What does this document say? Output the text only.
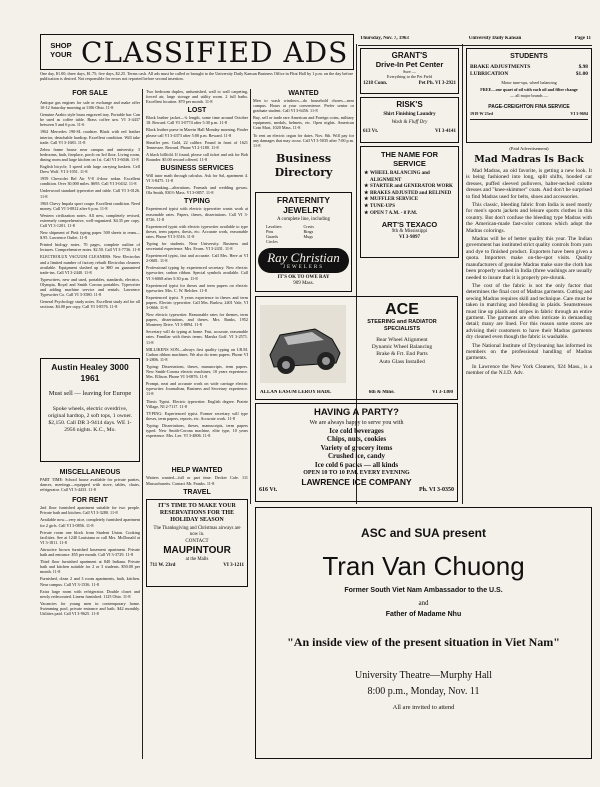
SHOP
YOUR CLASSIFIED ADS
One day, $1.00; three days, $1.75; five days, $2.25. Terms cash. All ads must be called or brought to the University Daily Kansan Business Office in Flint Hall by 1 p.m. on the day before publication is desired. Not responsible for errors not reported before second insertion.
Thursday, Nov. 7, 1963	University Daily Kansan	Page 11
FOR SALE

Antique gas engines for sale or exchange and make offer 10-12 Saturday morning at 1106 Ohio. 11-8

Genuine Arabic style brass engraved tray. Portable bar. Can be used as coffee table. Brass coffee urn. VI 3-4437 between 5 and 6 p.m. 11-6

1962 Mercedes 190-SL roadster. Black with red leather interior, detachable hardtop. Excellent condition. Will take trade. Call VI 3-1683. 11-8

Zebra frame house near campus and university. 3 bedrooms, bath, fireplace, porch on 3rd floor. Living room, dining room and large kitchen on 1st. Call VI 3-6046. 11-8

English bicycle, 3 speed with large carrying baskets. Cell Drew Wolf. VI 3-1051. 11-8

1959 Chevrolet Bel Air V-8 4-door sedan. Excellent condition. Over 30,000 miles. $695. Call VI 3-0432. 11-8

Underwood standard typewriter and table. Call VI 3-0126. 11-8

1963 Chevy Impala sport coupe. Excellent condition. Need money. Call VI 3-0812 after 6 p.m. 11-8

Western civilization notes. All new, completely revised, extremely comprehensive, well-organized. $4.35 per copy. Call VI 3-1201. 11-8

New shipment of Pink typing paper. 500 sheets to ream—$.95. Lawrence Outlet. 11-8

Printed biology notes. 70 pages, complete outline of lectures. Comprehensive notes. $2.50. Call VI 3-7736. 11-8

ELECTROLUX VACUUM CLEANERS. New Electrolux and a limited number of factory rebuilt Electrolux cleaners available. Equipment slashed up to $80 on guaranteed trade-ins. Call VI 3-2440. 11-8

Typewriters, new and used, portables, standards, electrics. Olympia, Royal and Smith Corona portables. Typewriter and adding machine service and rentals. Lawrence Typewriter Co. Call VI 3-3580. 11-8

General Psychology study notes. Excellent study aid for all sections. $4.00 per copy. Call VI 3-8576. 11-8

Austin Healey 3000 1961
Must sell — leaving for Europe
Spoke wheels, electric overdrive, original hardtop, 2 soft tops, 1 owner. $2,150. Call DR 3-9414 days. WE 1-2956 nights. K.C., Mo.
MISCELLANEOUS

PART TIME: School house available for private parties, dances, meetings—equipped with stove, tables, chairs, refrigerator. Call VI 3-4433. 11-8

FOR RENT

2nd floor furnished apartment suitable for two people. Private bath and kitchen. Call VI 3-3280. 11-8

Available now—very nice, completely furnished apartment for 2 girls. Call VI 3-0856. 11-8

Private room one block from Student Union. Cooking facilities. See at 1240 Louisiana or call Mrs. McDonald at VI 3-1811. 11-8

Attractive brown furnished basement apartment. Private bath and entrance. $55 per month. Call VI 3-3729. 11-8

Third floor furnished apartment at 840 Indiana. Private bath and kitchen suitable for 2 or 3 students. $50.00 per month. 11-8

Furnished, clean 2 and 3 room apartments, bath, kitchen. Near campus. Call VI 3-1536. 11-8

Extra large room with refrigerator. Double closet and newly redecorated. Linens furnished. 1125 Ohio. 11-8

Vacancies for young men in contemporary home. Swimming pool, private entrance and bath. $42 monthly. Utilities paid. Call VI 3-9625. 11-8

Two bedroom duplex, unfurnished, wall to wall carpeting, forced air, large storage and utility room. 2 full baths. Excellent location. $70 per month. 11-8

LOST

Black leather jacket—¾ length, some time around October 18. Reward. Call VI 3-0774 after 5:30 p.m. 11-8

Black leather purse in Marvin Hall Monday morning. Finder please call VI 3-4373 after 5:00 p.m. Reward. 11-8

Sheaffer pen. Gold, 22 calibre. Found in front of 1621 Tennessee. Reward. Phone VI 2-1180. 11-8

A black billfold. If found, please call ticket and ask for Bob Bounder. $5.00 reward offered. 11-8

BUSINESS SERVICES

Will tutor math through calculus. Ask for Sal, apartment 4. VI 3-8475. 11-8

Dressmaking—alterations. Formals and wedding gowns. Ola Smith, 830½ Mass. VI 3-0857. 11-8

TYPING

Experienced typist with electric typewriter wants work at reasonable rates. Papers, theses, dissertations. Call VI 3-0726. 11-8

Experienced typist with electric typewriter available to type theses, term papers, thesis, etc. Accurate work, reasonable rates. Phone VI 3-3516. 11-8

Typing for students. Near University. Business and secretarial experience. Mrs. Evans. VI 3-2431. 11-8

Experienced typist, fast and accurate. Call Mrs. Here at VI 2-0681. 11-8

Professional typing by experienced secretary. New electric typewriter, carbon ribbon. Special symbols available. Call VI 3-6068 after 5:30 p.m. 11-8

Experienced typist for theses and term papers on electric typewriter. Mrs. C. W. Belcher. 11-8

Experienced typist. 9 years experience in theses and term papers. Electric typewriter. Call Mrs. Barlow, 2401 Vale, VI 3-0666. 11-8

New electric typewriter. Reasonable rates for themes, term papers, dissertations, and theses. Mrs. Banks, 1952 Monterey Drive. VI 3-8894. 11-8

Secretary will do typing at home. Fast, accurate, reasonable rates. Familiar with thesis terms. Marsha Goff. VI 3-2571. 11-8

MILLIKENS SON—always first quality typing on I.B.M. Carbon ribbon machines. We also do term papers. Phone VI 3-2806. 11-8

Typing: Dissertations, theses, manuscripts, term papers. New Smith-Corona electric machines; 10 years experience. Mrs. Ellison. Phone VI 3-0876. 11-8

Prompt, neat and accurate work on wide carriage electric typewriter. Journalism, Business and Secretary experience. 11-8

Thesis Typist. Electric typewriter. English degree. Prairie Village, NI 2-7117. 11-8

TYPING: Experienced typist. Former secretary will type theses, term papers, reports, etc. Accurate work. 11-8

Typing: Dissertations, theses, manuscripts, term papers typed. New Smith-Corona machine, elite type, 10 years experience. Mrs. Lee. VI 3-4806. 11-8

HELP WANTED

Waiters wanted—full or part time. Decker Cafe. 111 Massachusetts. Contact Mr. Franks. 11-8

TRAVEL
IT'S TIME TO MAKE YOUR RESERVATIONS FOR THE HOLIDAY SEASON
The Thanksgiving and Christmas airways are now in.
CONTACT
MAUPINTOUR
at the Malls
711 W. 23rd	VI 3-1211
WANTED

Men to wash windows—do household chores—near campus. Hours at your convenience. Prefer senior or graduate student. Call VI 3-6456. 11-8

Buy, sell or trade rare American and Foreign coins, military equipment, medals, helmets, etc. Open nights. American Coin Mart, 1020 Mass. 11-8

To rent an electric organ for dates. Nov. 8th. Will pay for any damages that may occur. Call VI 3-5035 after 7:00 p.m. 11-8

Business Directory
FRATERNITY JEWELRY
A complete line, including
Lavaliers	Crests
Pins	Rings
Guards	Mugs
Circles
Ray Christian
JEWELERS
IT'S OK TO OWE RAY
909 Mass.
GRANT'S
Drive-In Pet Center
Sure —
Everything to the Pet Field
1218 Conn.	Pet Ph. VI 3-2921
RISK'S
Shirt Finishing Laundry
Wash & Fluff Dry
613 Vt.	VI 3-4141
THE NAME FOR SERVICE
WHEEL BALANCING and ALIGNMENT
★
STARTER and GENERATOR WORK
★
BRAKES ADJUSTED and RELINED
★
MUFFLER SERVICE
★
TUNE-UPS
★
OPEN 7 A.M. - 8 P.M.
★
ART'S TEXACO
9th & Mississippi
VI 3-9897
STUDENTS
BRAKE ADJUSTMENTS	$.98
LUBRICATION	$1.00
Motor tune-ups, wheel balancing
FREE—one quart of oil with each oil and filter change
— all major brands —
PAGE-CREIGHTON FINA SERVICE
1919 W 23rd	VI 3-9694
(Paid Advertisement)
Mad Madras Is Back
Mad Madras, an old favorite, is getting a new look. It is being fashioned into long, split shifts, hooded car dresses, puffed sleeved pullovers, halter-necked culotte dresses and "knee-skimmer" coats. And don't be surprised to find Madras used for belts, shoes and accessories.
This classic, bleeding fabric from India is used mostly for men's sports jackets and leisure sports clothes in this country. But don't confuse the bleeding type Madras with the American-made fast-color cottons which adopt the Madras colorings.
Madras will be of better quality this year. The Indian government has instituted strict quality controls from yarn and dye to finished product. Exporters have been given a quota. Importers make on-the-spot visits. Quality manufacturers of genuine Madras make sure the cloth has been properly washed in India (three washings are usually needed to insure that it is properly pre-shrunk.
The cost of the fabric is not the only factor that determines the final cost of Madras garments. Cutting and sewing Madras requires skill and technique. Care must be taken in matching and blending in plaids. Seamstresses must line up plaids and stripes in fabric through an entire garment. The garments are often intricate in demanding detail; many are lined. For this reason some stores are advising their customers to have their Madras garments dry cleaned even though the fabric is washable.
The National Institute of Drycleaning has informed its members on the professional handling of Madras garments.
In Lawrence the New York Cleaners, 924 Mass., is a member of the N.I.D. Adv.
ACE
STEERING and RADIATOR SPECIALISTS
Bear Wheel Alignment
Dynamic Wheel Balancing
Brake & Frt. End Parts
Auto Glass Installed
ALLAN EASUM LEROY HADL	6th & Mine.	VI 3-1300
HAVING A PARTY?
We are always happy to serve you with
Ice cold beverages
Chips, nuts, cookies
Variety of grocery items
Crushed ice, candy
Ice cold 6 packs — all kinds
OPEN 10 TO 10 P.M. EVERY EVENING
LAWRENCE ICE COMPANY
616 Vt.	Ph. VI 3-0350
ASC and SUA present
Tran Van Chuong
Former South Viet Nam Ambassador to the U.S.
and
Father of Madame Nhu
"An inside view of the present situation in Viet Nam"
University Theatre—Murphy Hall
8:00 p.m., Monday, Nov. 11
All are invited to attend
